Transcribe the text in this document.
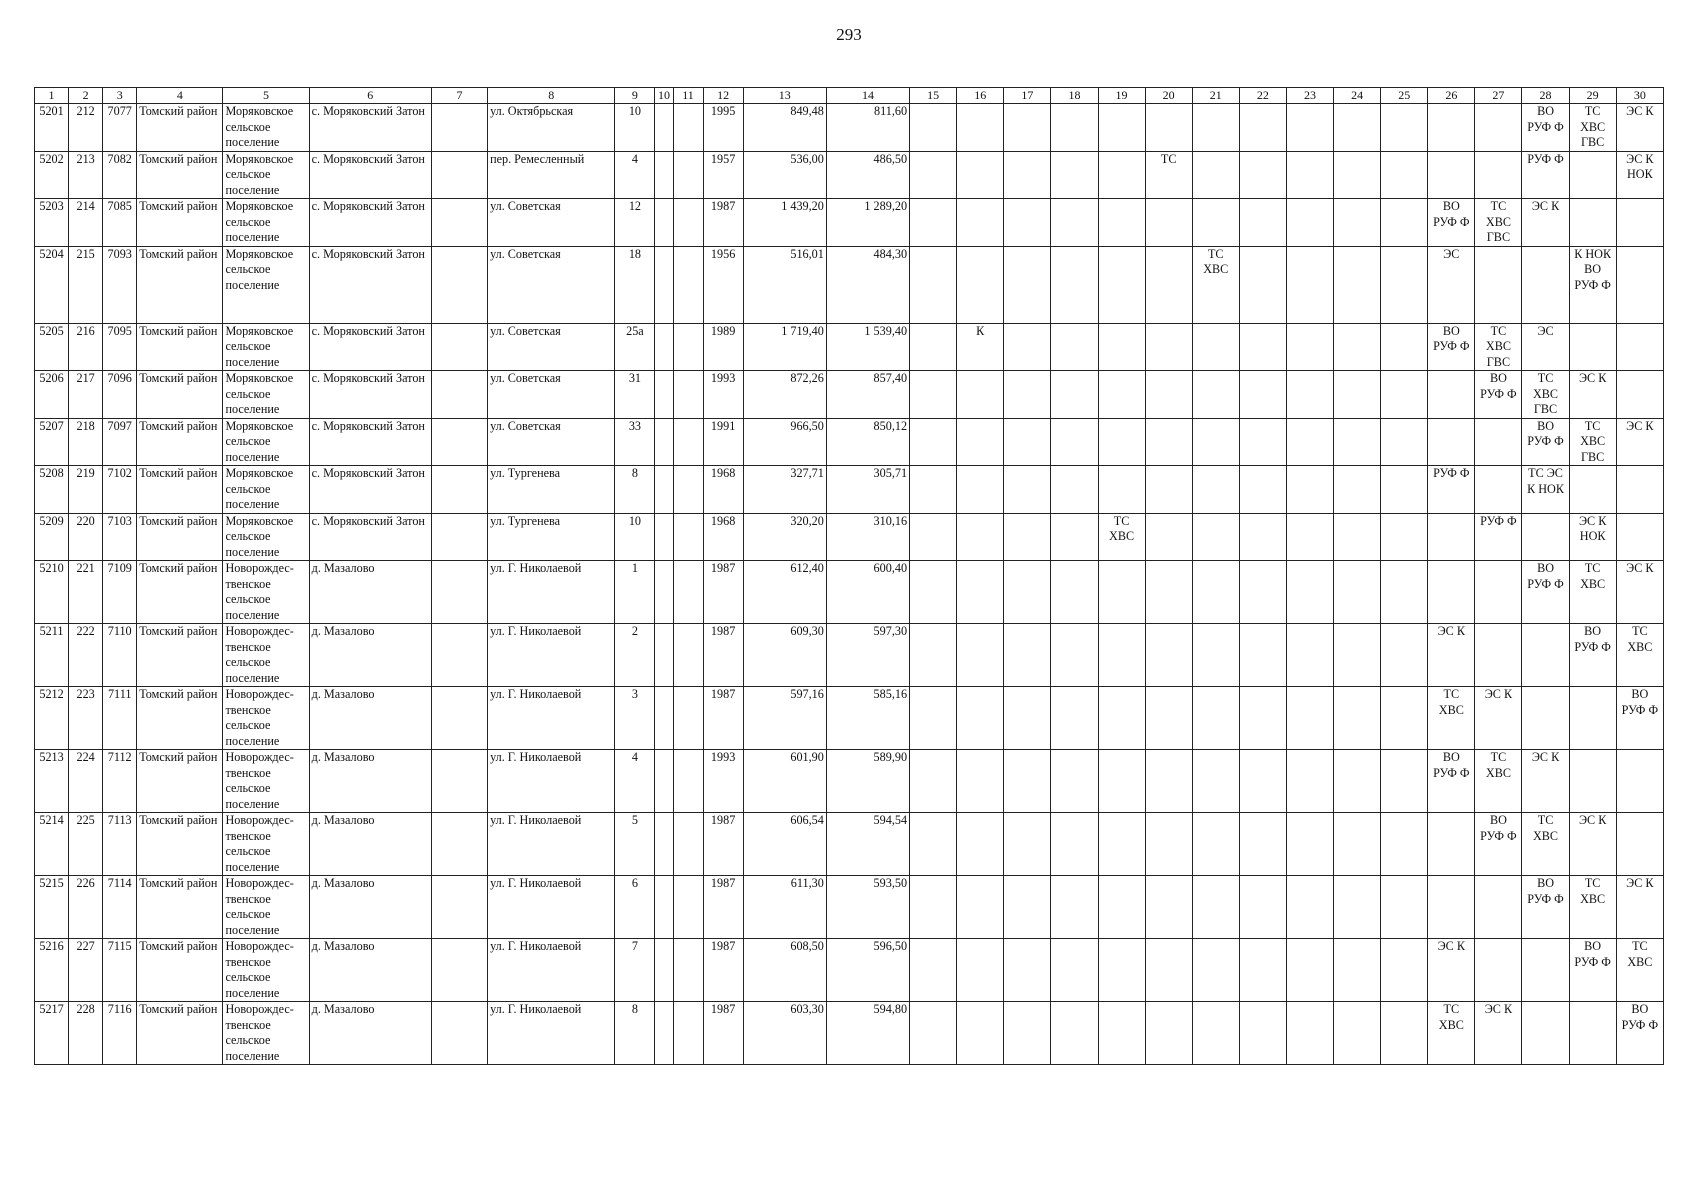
293
1	2	3	4	5	6	7	8	9	10	11	12	13	14	15	16	17	18	19	20	21	22	23	24	25	26	27	28	29	30
5201	212	7077	Томский район	Моряковское сельское поселение	с. Моряковский Затон		ул. Октябрьская	10			1995	849,48	811,60														ВО РУФ Ф	ТС ХВС ГВС	ЭС К
5202	213	7082	Томский район	Моряковское сельское поселение	с. Моряковский Затон		пер. Ремесленный	4			1957	536,00	486,50						ТС								РУФ Ф		ЭС К НОК
5203	214	7085	Томский район	Моряковское сельское поселение	с. Моряковский Затон		ул. Советская	12			1987	1 439,20	1 289,20												ВО РУФ Ф	ТС ХВС ГВС	ЭС К		
5204	215	7093	Томский район	Моряковское сельское поселение	с. Моряковский Затон		ул. Советская	18			1956	516,01	484,30							ТС ХВС					ЭС			К НОК ВО РУФ Ф	
5205	216	7095	Томский район	Моряковское сельское поселение	с. Моряковский Затон		ул. Советская	25а			1989	1 719,40	1 539,40		К										ВО РУФ Ф	ТС ХВС ГВС	ЭС		
5206	217	7096	Томский район	Моряковское сельское поселение	с. Моряковский Затон		ул. Советская	31			1993	872,26	857,40													ВО РУФ Ф	ТС ХВС ГВС	ЭС К	
5207	218	7097	Томский район	Моряковское сельское поселение	с. Моряковский Затон		ул. Советская	33			1991	966,50	850,12														ВО РУФ Ф	ТС ХВС ГВС	ЭС К
5208	219	7102	Томский район	Моряковское сельское поселение	с. Моряковский Затон		ул. Тургенева	8			1968	327,71	305,71												РУФ Ф		ТС ЭС К НОК		
5209	220	7103	Томский район	Моряковское сельское поселение	с. Моряковский Затон		ул. Тургенева	10			1968	320,20	310,16					ТС ХВС								РУФ Ф		ЭС К НОК	
5210	221	7109	Томский район	Новорождес-твенское сельское поселение	д. Мазалово		ул. Г. Николаевой	1			1987	612,40	600,40														ВО РУФ Ф	ТС ХВС	ЭС К
5211	222	7110	Томский район	Новорождес-твенское сельское поселение	д. Мазалово		ул. Г. Николаевой	2			1987	609,30	597,30												ЭС К			ВО РУФ Ф	ТС ХВС
5212	223	7111	Томский район	Новорождес-твенское сельское поселение	д. Мазалово		ул. Г. Николаевой	3			1987	597,16	585,16												ТС ХВС	ЭС К			ВО РУФ Ф
5213	224	7112	Томский район	Новорождес-твенское сельское поселение	д. Мазалово		ул. Г. Николаевой	4			1993	601,90	589,90												ВО РУФ Ф	ТС ХВС	ЭС К		
5214	225	7113	Томский район	Новорождес-твенское сельское поселение	д. Мазалово		ул. Г. Николаевой	5			1987	606,54	594,54													ВО РУФ Ф	ТС ХВС	ЭС К	
5215	226	7114	Томский район	Новорождес-твенское сельское поселение	д. Мазалово		ул. Г. Николаевой	6			1987	611,30	593,50														ВО РУФ Ф	ТС ХВС	ЭС К
5216	227	7115	Томский район	Новорождес-твенское сельское поселение	д. Мазалово		ул. Г. Николаевой	7			1987	608,50	596,50												ЭС К			ВО РУФ Ф	ТС ХВС
5217	228	7116	Томский район	Новорождес-твенское сельское поселение	д. Мазалово		ул. Г. Николаевой	8			1987	603,30	594,80												ТС ХВС	ЭС К			ВО РУФ Ф
